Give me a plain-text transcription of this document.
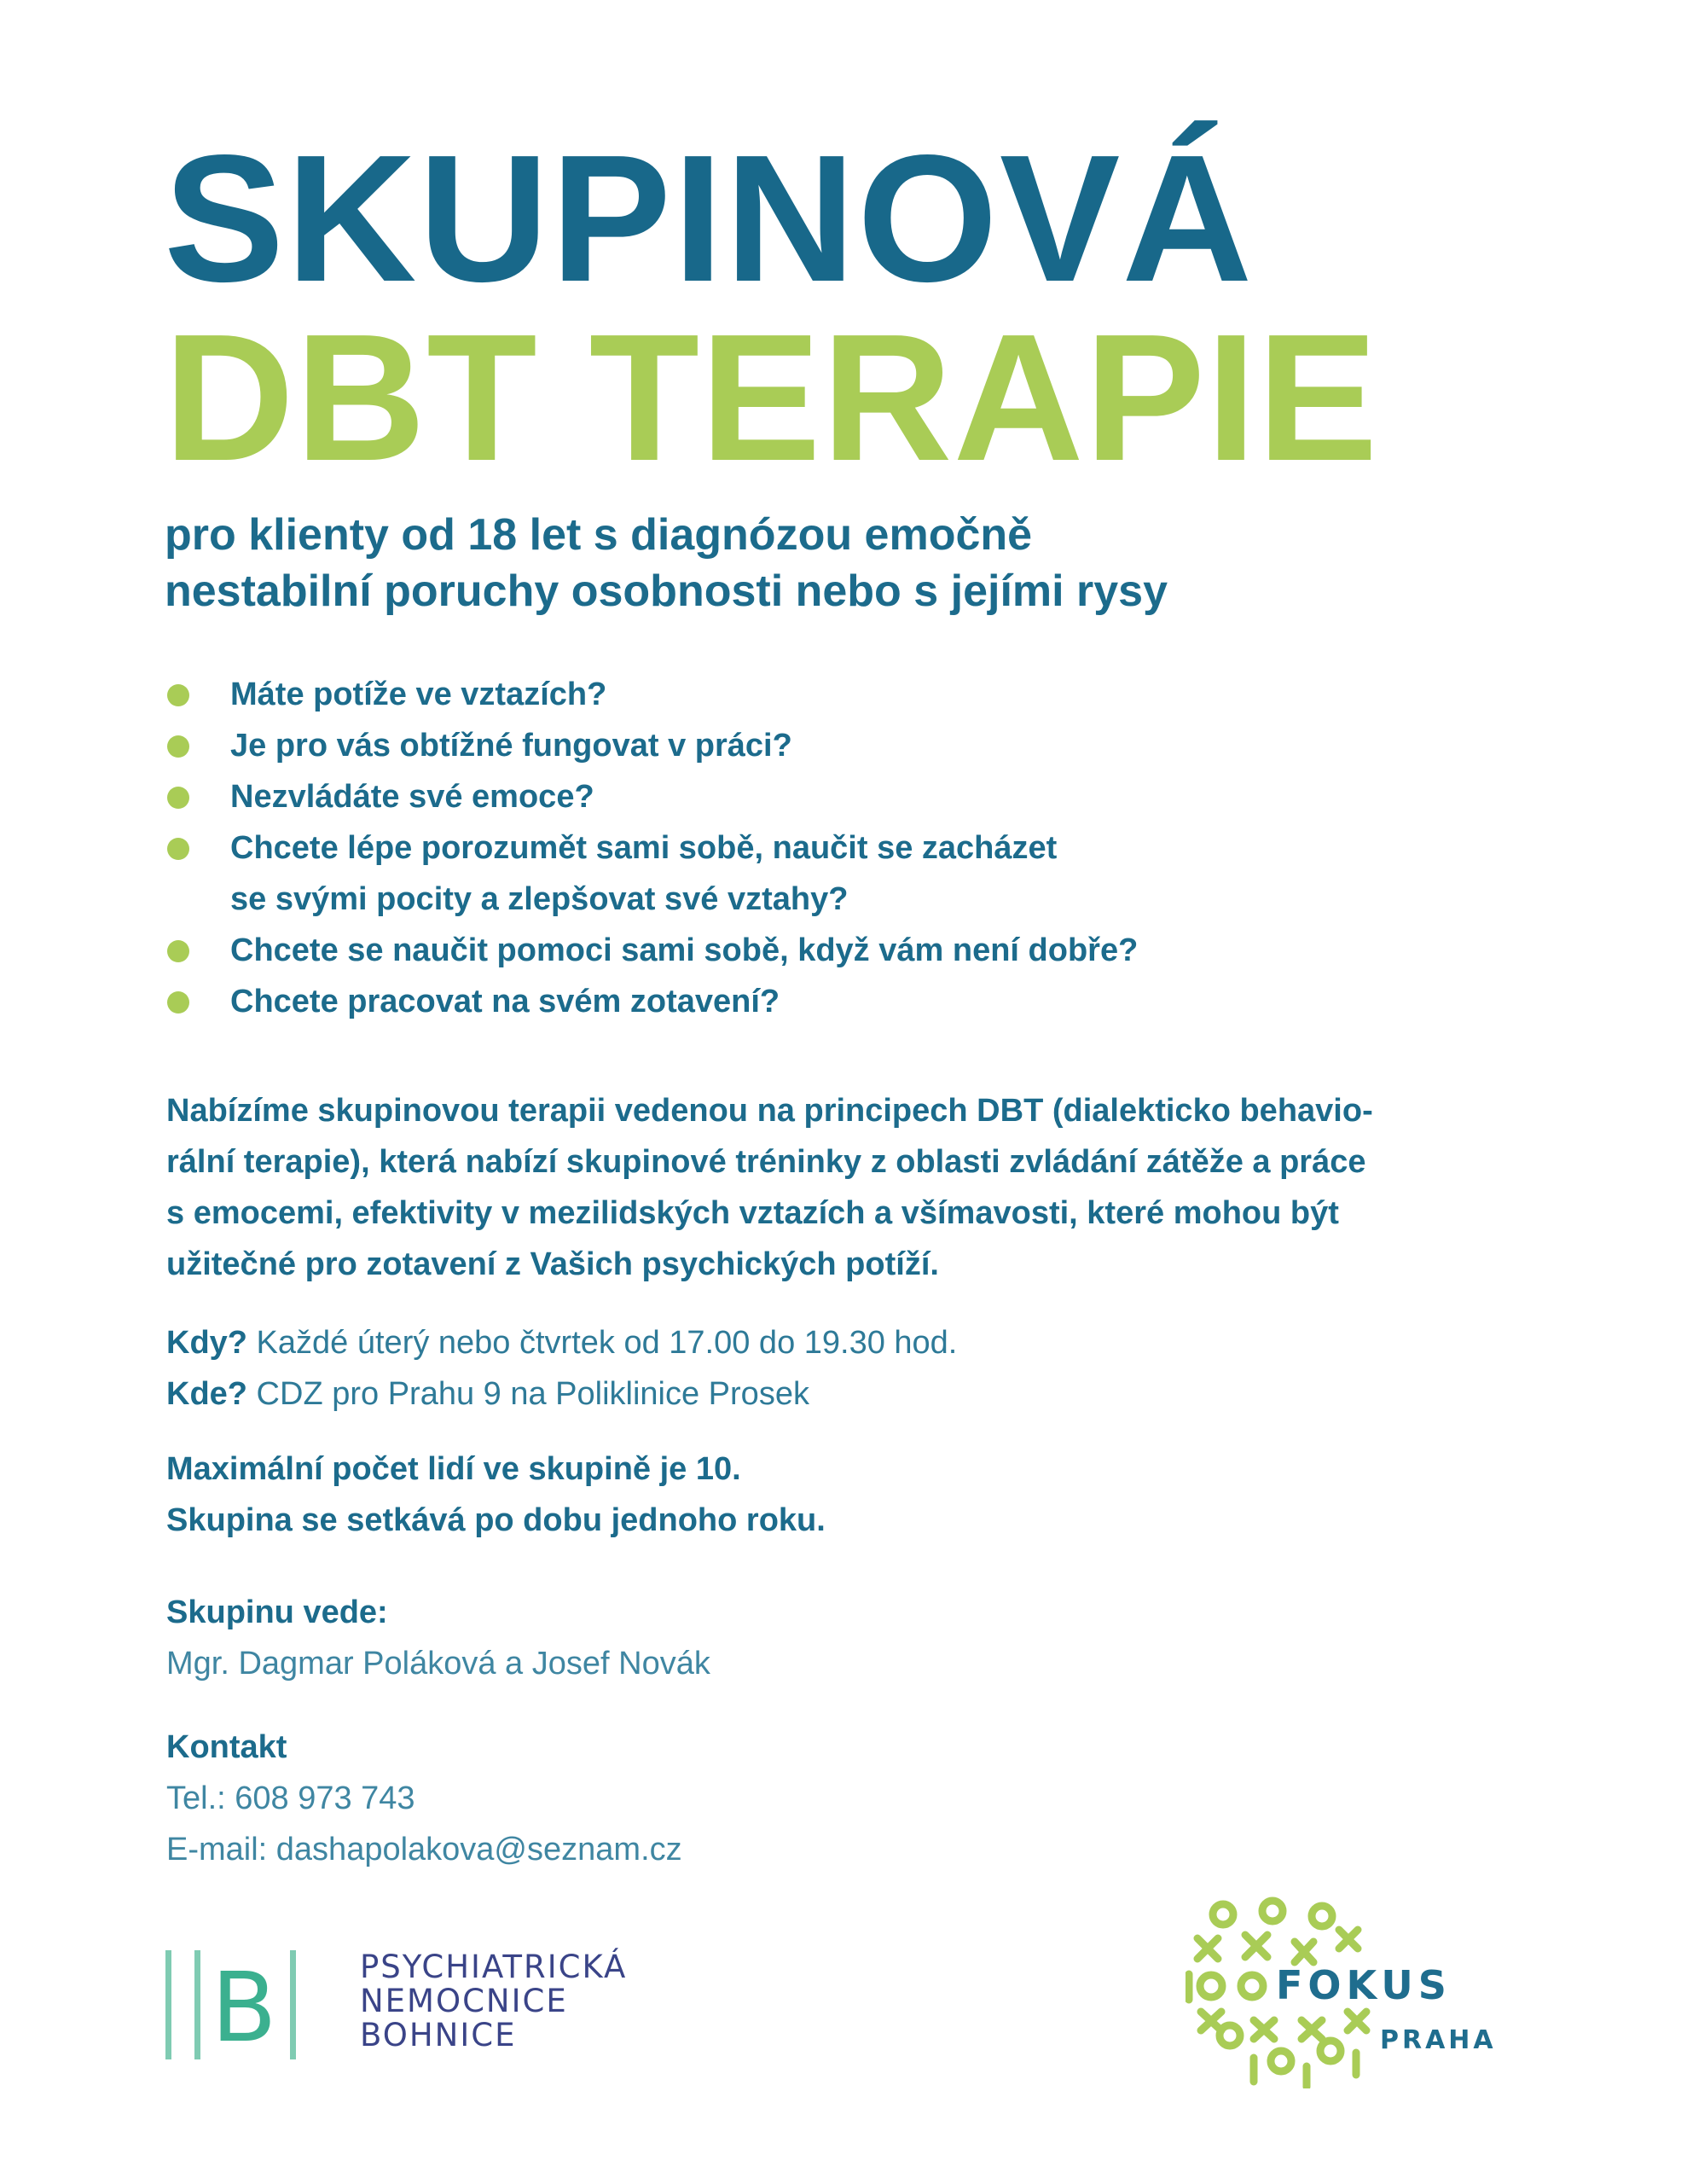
SKUPINOVÁ
DBT TERAPIE
pro klienty od 18 let s diagnózou emočně
nestabilní poruchy osobnosti nebo s jejími rysy
Máte potíže ve vztazích?
Je pro vás obtížné fungovat v práci?
Nezvládáte své emoce?
Chcete lépe porozumět sami sobě, naučit se zacházet
se svými pocity a zlepšovat své vztahy?
Chcete se naučit pomoci sami sobě, když vám není dobře?
Chcete pracovat na svém zotavení?

Nabízíme skupinovou terapii vedenou na principech DBT (dialekticko behavio-
rální terapie), která nabízí skupinové tréninky z oblasti zvládání zátěže a práce
s emocemi, efektivity v mezilidských vztazích a všímavosti, které mohou být
užitečné pro zotavení z Vašich psychických potíží.

Kdy? Každé úterý nebo čtvrtek od 17.00 do 19.30 hod.

Kde? CDZ pro Prahu 9 na Poliklinice Prosek

Maximální počet lidí ve skupině je 10.
Skupina se setkává po dobu jednoho roku.

Skupinu vede:

Mgr. Dagmar Poláková a Josef Novák

Kontakt

Tel.: 608 973 743

E-mail: dashapolakova@seznam.cz

B	PSYCHIATRICKÁ
NEMOCNICE
BOHNICE
FOKUS
PRAHA
